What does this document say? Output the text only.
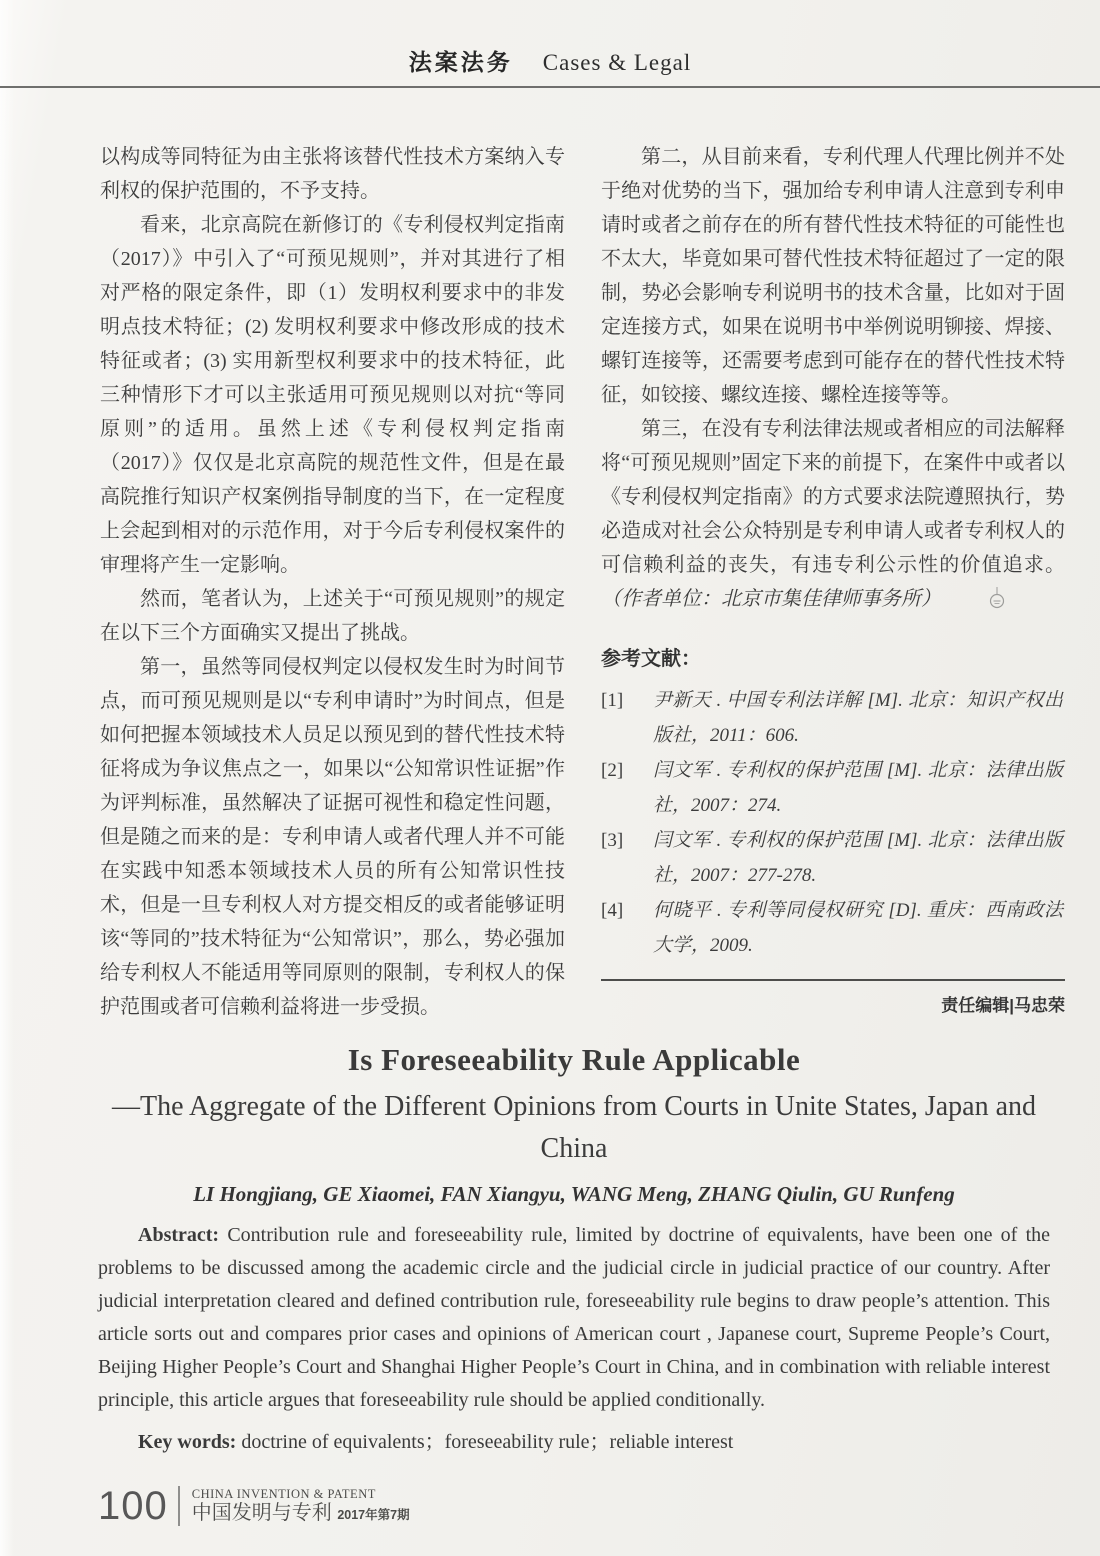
法案法务 Cases & Legal

以构成等同特征为由主张将该替代性技术方案纳入专利权的保护范围的，不予支持。

看来，北京高院在新修订的《专利侵权判定指南（2017）》中引入了“可预见规则”，并对其进行了相对严格的限定条件，即（1）发明权利要求中的非发明点技术特征；(2) 发明权利要求中修改形成的技术特征或者；(3) 实用新型权利要求中的技术特征，此三种情形下才可以主张适用可预见规则以对抗“等同原则”的适用。虽然上述《专利侵权判定指南（2017）》仅仅是北京高院的规范性文件，但是在最高院推行知识产权案例指导制度的当下，在一定程度上会起到相对的示范作用，对于今后专利侵权案件的审理将产生一定影响。

然而，笔者认为，上述关于“可预见规则”的规定在以下三个方面确实又提出了挑战。

第一，虽然等同侵权判定以侵权发生时为时间节点，而可预见规则是以“专利申请时”为时间点，但是如何把握本领域技术人员足以预见到的替代性技术特征将成为争议焦点之一，如果以“公知常识性证据”作为评判标准，虽然解决了证据可视性和稳定性问题，但是随之而来的是：专利申请人或者代理人并不可能在实践中知悉本领域技术人员的所有公知常识性技术，但是一旦专利权人对方提交相反的或者能够证明该“等同的”技术特征为“公知常识”，那么，势必强加给专利权人不能适用等同原则的限制，专利权人的保护范围或者可信赖利益将进一步受损。

第二，从目前来看，专利代理人代理比例并不处于绝对优势的当下，强加给专利申请人注意到专利申请时或者之前存在的所有替代性技术特征的可能性也不太大，毕竟如果可替代性技术特征超过了一定的限制，势必会影响专利说明书的技术含量，比如对于固定连接方式，如果在说明书中举例说明铆接、焊接、螺钉连接等，还需要考虑到可能存在的替代性技术特征，如铰接、螺纹连接、螺栓连接等等。

第三，在没有专利法律法规或者相应的司法解释将“可预见规则”固定下来的前提下，在案件中或者以《专利侵权判定指南》的方式要求法院遵照执行，势必造成对社会公众特别是专利申请人或者专利权人的可信赖利益的丧失，有违专利公示性的价值追求。（作者单位：北京市集佳律师事务所）

参考文献：
[1]	尹新天 . 中国专利法详解 [M]. 北京：知识产权出版社，2011：606.
[2]	闫文军 . 专利权的保护范围 [M]. 北京：法律出版社，2007：274.
[3]	闫文军 . 专利权的保护范围 [M]. 北京：法律出版社，2007：277-278.
[4]	何晓平 . 专利等同侵权研究 [D]. 重庆：西南政法大学，2009.
责任编辑|马忠荣
Is Foreseeability Rule Applicable
—The Aggregate of the Different Opinions from Courts in Unite States, Japan and China
LI Hongjiang, GE Xiaomei, FAN Xiangyu, WANG Meng, ZHANG Qiulin, GU Runfeng

Abstract: Contribution rule and foreseeability rule, limited by doctrine of equivalents, have been one of the problems to be discussed among the academic circle and the judicial circle in judicial practice of our country. After judicial interpretation cleared and defined contribution rule, foreseeability rule begins to draw people’s attention. This article sorts out and compares prior cases and opinions of American court , Japanese court, Supreme People’s Court, Beijing Higher People’s Court and Shanghai Higher People’s Court in China, and in combination with reliable interest principle, this article argues that foreseeability rule should be applied conditionally.

Key words: doctrine of equivalents；foreseeability rule；reliable interest

100 CHINA INVENTION & PATENT
中国发明与专利 2017年第7期
